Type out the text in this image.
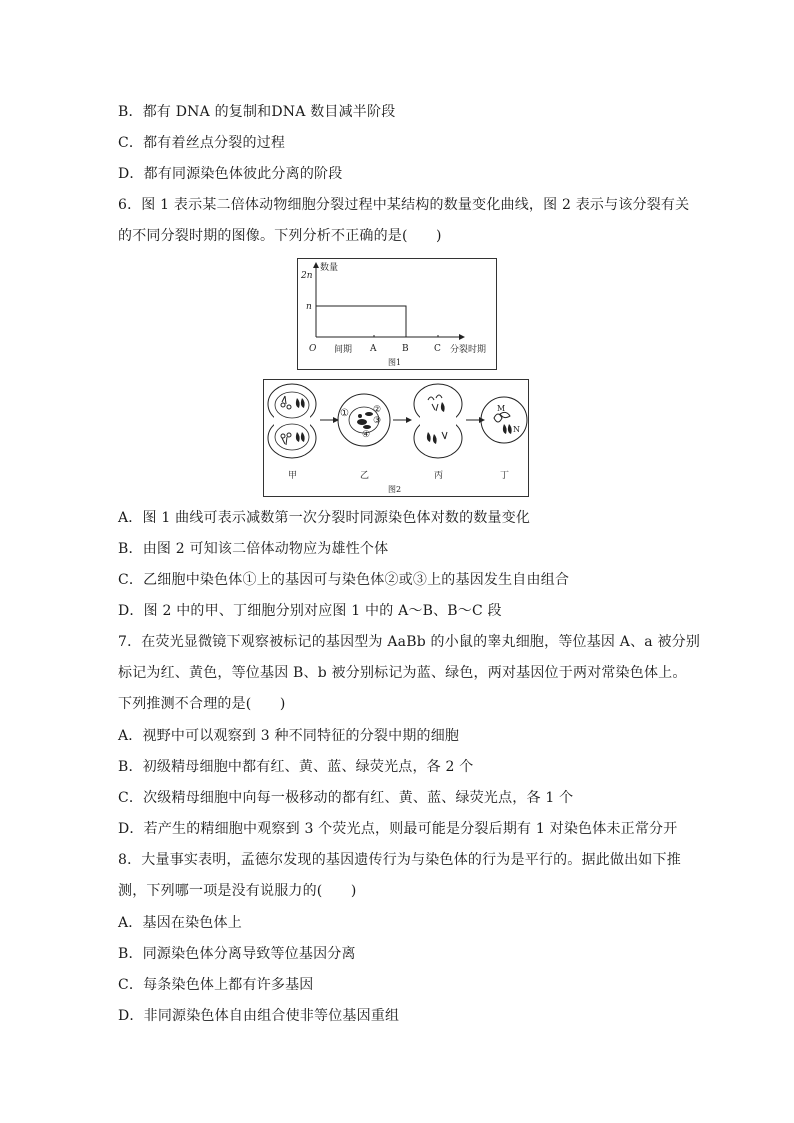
B．都有 DNA 的复制和DNA 数目减半阶段
C．都有着丝点分裂的过程
D．都有同源染色体彼此分离的阶段
6．图 1 表示某二倍体动物细胞分裂过程中某结构的数量变化曲线，图 2 表示与该分裂有关
的不同分裂时期的图像。下列分析不正确的是(　　)
2n
n
数量
O 间期 A	B	C 分裂时期
图1
①	②
③
④
M
N
甲	乙	丙	丁
图2
A．图 1 曲线可表示减数第一次分裂时同源染色体对数的数量变化
B．由图 2 可知该二倍体动物应为雄性个体
C．乙细胞中染色体①上的基因可与染色体②或③上的基因发生自由组合
D．图 2 中的甲、丁细胞分别对应图 1 中的 A～B、B～C 段
7．在荧光显微镜下观察被标记的基因型为 AaBb 的小鼠的睾丸细胞，等位基因 A、a 被分别
标记为红、黄色，等位基因 B、b 被分别标记为蓝、绿色，两对基因位于两对常染色体上。
下列推测不合理的是(　　)
A．视野中可以观察到 3 种不同特征的分裂中期的细胞
B．初级精母细胞中都有红、黄、蓝、绿荧光点，各 2 个
C．次级精母细胞中向每一极移动的都有红、黄、蓝、绿荧光点，各 1 个
D．若产生的精细胞中观察到 3 个荧光点，则最可能是分裂后期有 1 对染色体未正常分开
8．大量事实表明，孟德尔发现的基因遗传行为与染色体的行为是平行的。据此做出如下推
测，下列哪一项是没有说服力的(　　)
A．基因在染色体上
B．同源染色体分离导致等位基因分离
C．每条染色体上都有许多基因
D．非同源染色体自由组合使非等位基因重组
